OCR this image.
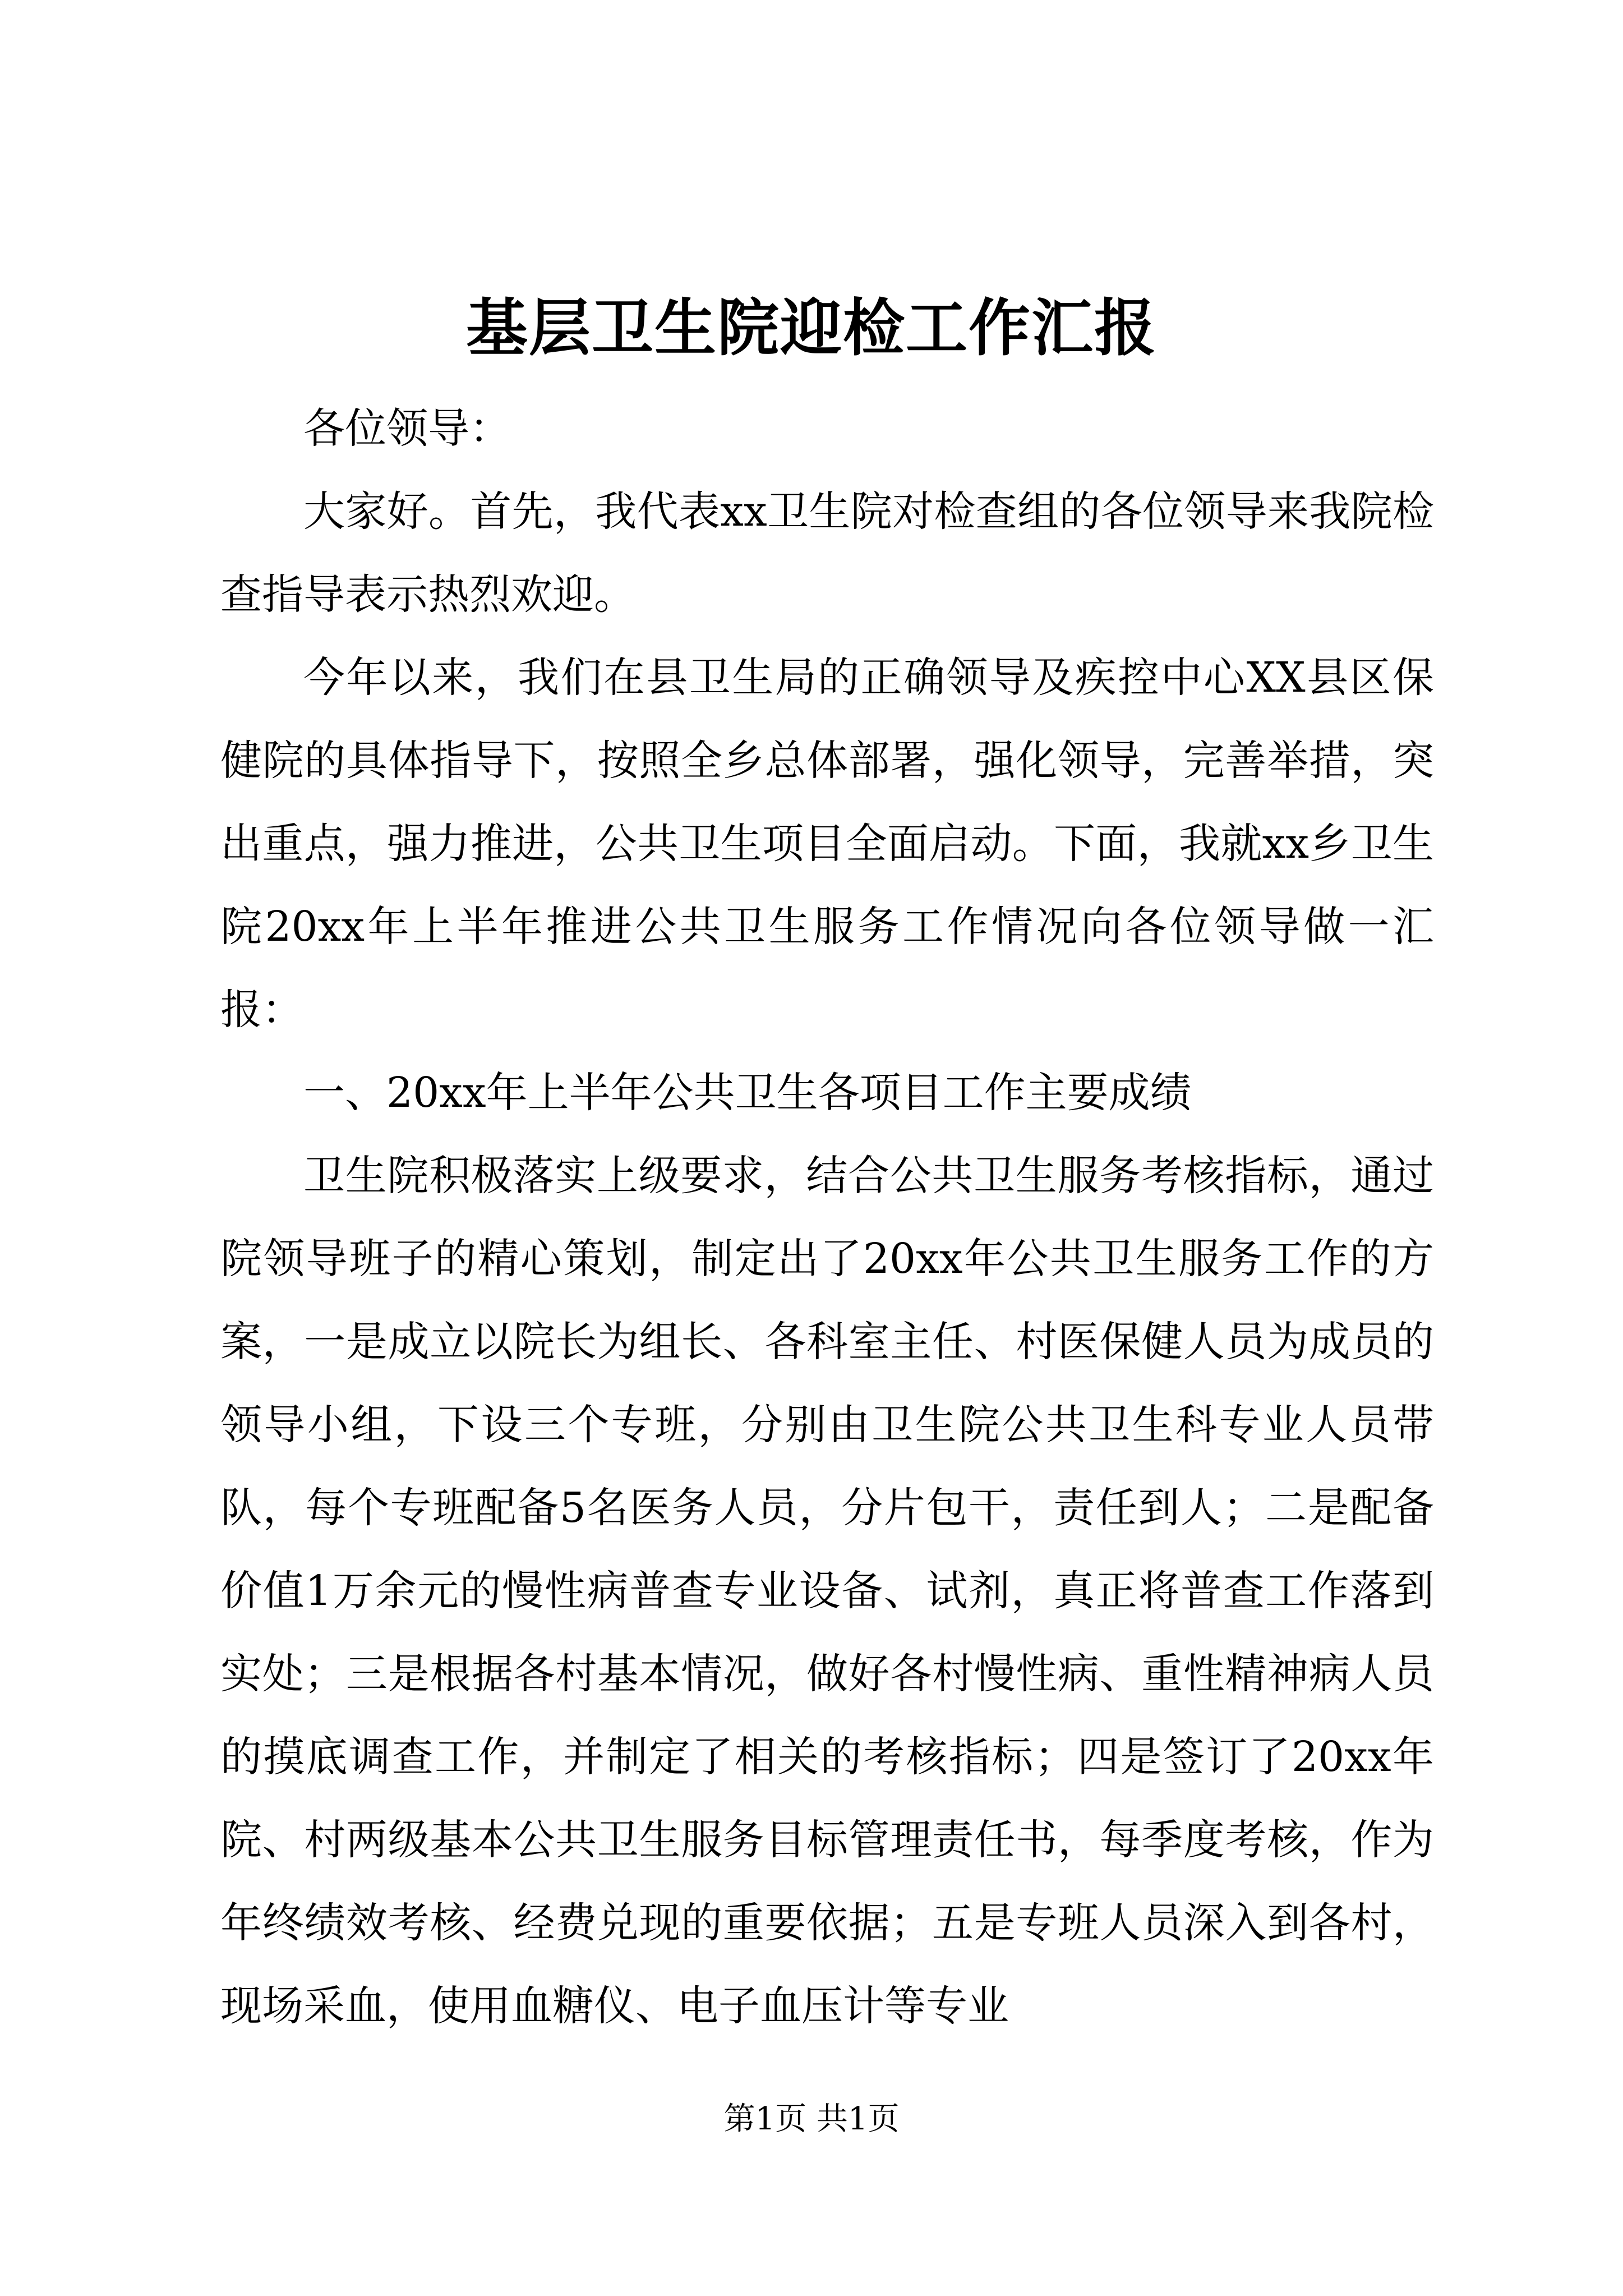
基层卫生院迎检工作汇报

各位领导：

大家好。首先，我代表xx卫生院对检查组的各位领导来我院检查指导表示热烈欢迎。

今年以来，我们在县卫生局的正确领导及疾控中心XX县区保健院的具体指导下，按照全乡总体部署，强化领导，完善举措，突出重点，强力推进，公共卫生项目全面启动。下面，我就xx乡卫生院20xx年上半年推进公共卫生服务工作情况向各位领导做一汇报：

一、20xx年上半年公共卫生各项目工作主要成绩

卫生院积极落实上级要求，结合公共卫生服务考核指标，通过院领导班子的精心策划，制定出了20xx年公共卫生服务工作的方案，一是成立以院长为组长、各科室主任、村医保健人员为成员的领导小组，下设三个专班，分别由卫生院公共卫生科专业人员带队，每个专班配备5名医务人员，分片包干，责任到人；二是配备价值1万余元的慢性病普查专业设备、试剂，真正将普查工作落到实处；三是根据各村基本情况，做好各村慢性病、重性精神病人员的摸底调查工作，并制定了相关的考核指标；四是签订了20xx年院、村两级基本公共卫生服务目标管理责任书，每季度考核，作为年终绩效考核、经费兑现的重要依据；五是专班人员深入到各村，现场采血，使用血糖仪、电子血压计等专业

第1页 共1页
